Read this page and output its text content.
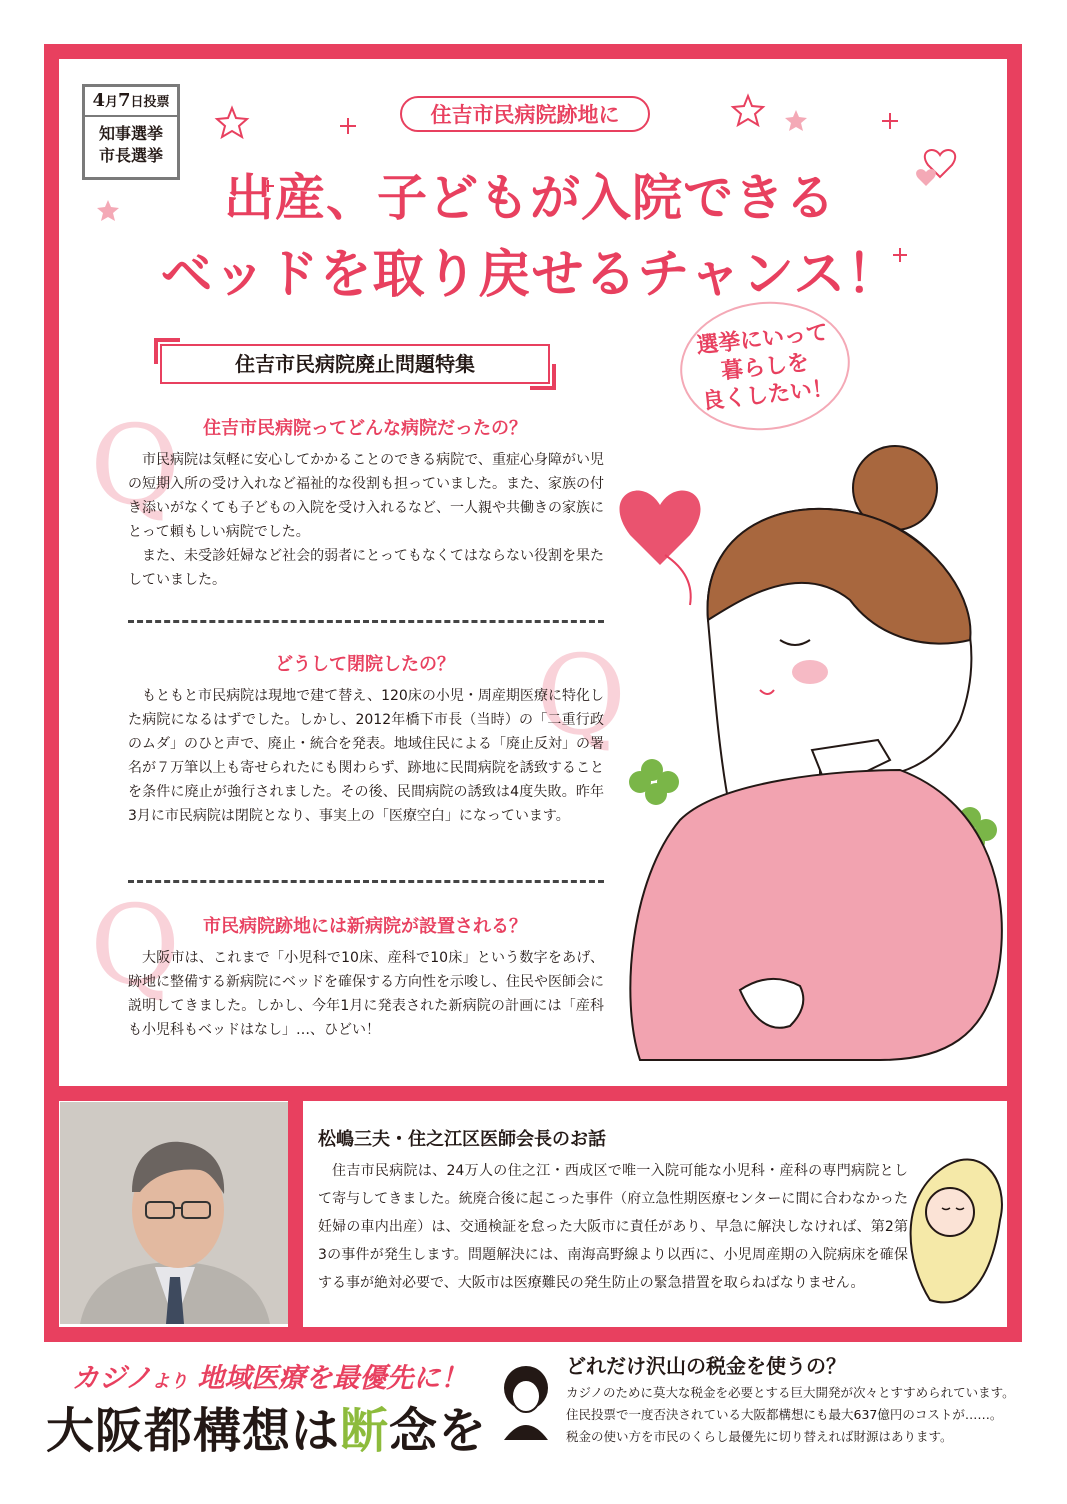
4月7日投票
知事選挙
市長選挙
住吉市民病院跡地に
出産、子どもが入院できる
ベッドを取り戻せるチャンス！
選挙にいって
暮らしを
良くしたい！
住吉市民病院廃止問題特集
Q
Q
Q
住吉市民病院ってどんな病院だったの？

市民病院は気軽に安心してかかることのできる病院で、重症心身障がい児の短期入所の受け入れなど福祉的な役割も担っていました。また、家族の付き添いがなくても子どもの入院を受け入れるなど、一人親や共働きの家族にとって頼もしい病院でした。

また、未受診妊婦など社会的弱者にとってもなくてはならない役割を果たしていました。

どうして閉院したの？

もともと市民病院は現地で建て替え、120床の小児・周産期医療に特化した病院になるはずでした。しかし、2012年橋下市長（当時）の「二重行政のムダ」のひと声で、廃止・統合を発表。地域住民による「廃止反対」の署名が７万筆以上も寄せられたにも関わらず、跡地に民間病院を誘致することを条件に廃止が強行されました。その後、民間病院の誘致は4度失敗。昨年3月に市民病院は閉院となり、事実上の「医療空白」になっています。

市民病院跡地には新病院が設置される？

大阪市は、これまで「小児科で10床、産科で10床」という数字をあげ、跡地に整備する新病院にベッドを確保する方向性を示唆し、住民や医師会に説明してきました。しかし、今年1月に発表された新病院の計画には「産科も小児科もベッドはなし」…、ひどい！

松嶋三夫・住之江区医師会長のお話

住吉市民病院は、24万人の住之江・西成区で唯一入院可能な小児科・産科の専門病院として寄与してきました。統廃合後に起こった事件（府立急性期医療センターに間に合わなかった妊婦の車内出産）は、交通検証を怠った大阪市に責任があり、早急に解決しなければ、第2第3の事件が発生します。問題解決には、南海高野線より以西に、小児周産期の入院病床を確保する事が絶対必要で、大阪市は医療難民の発生防止の緊急措置を取らねばなりません。

カジノより 地域医療を最優先に！
大阪都構想は断念を
どれだけ沢山の税金を使うの？
カジノのために莫大な税金を必要とする巨大開発が次々とすすめられています。
住民投票で一度否決されている大阪都構想にも最大637億円のコストが……。
税金の使い方を市民のくらし最優先に切り替えれば財源はあります。
